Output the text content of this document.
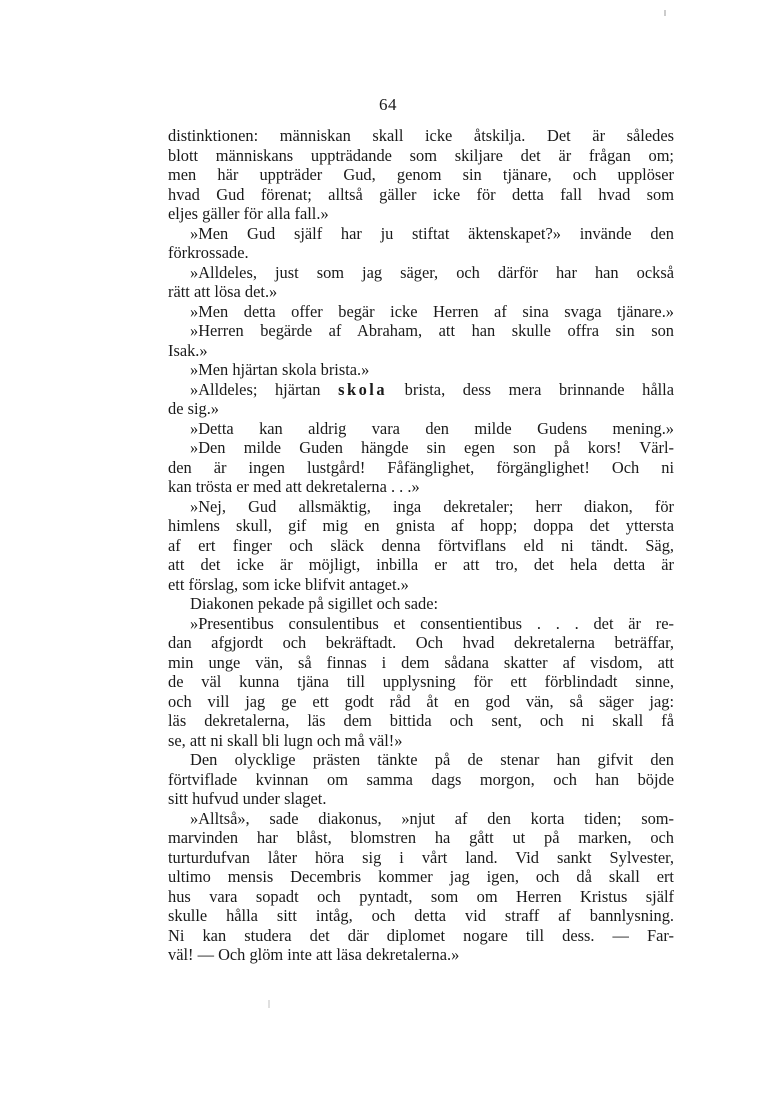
64
distinktionen: människan skall icke åtskilja. Det är således
blott människans uppträdande som skiljare det är frågan om;
men här uppträder Gud, genom sin tjänare, och upplöser
hvad Gud förenat; alltså gäller icke för detta fall hvad som
eljes gäller för alla fall.»
»Men Gud själf har ju stiftat äktenskapet?» invände den
förkrossade.
»Alldeles, just som jag säger, och därför har han också
rätt att lösa det.»
»Men detta offer begär icke Herren af sina svaga tjänare.»
»Herren begärde af Abraham, att han skulle offra sin son
Isak.»
»Men hjärtan skola brista.»
»Alldeles; hjärtan skola brista, dess mera brinnande hålla
de sig.»
»Detta kan aldrig vara den milde Gudens mening.»
»Den milde Guden hängde sin egen son på kors! Värl-
den är ingen lustgård! Fåfänglighet, förgänglighet! Och ni
kan trösta er med att dekretalerna . . .»
»Nej, Gud allsmäktig, inga dekretaler; herr diakon, för
himlens skull, gif mig en gnista af hopp; doppa det yttersta
af ert finger och släck denna förtviflans eld ni tändt. Säg,
att det icke är möjligt, inbilla er att tro, det hela detta är
ett förslag, som icke blifvit antaget.»
Diakonen pekade på sigillet och sade:
»Presentibus consulentibus et consentientibus . . . det är re-
dan afgjordt och bekräftadt. Och hvad dekretalerna beträffar,
min unge vän, så finnas i dem sådana skatter af visdom, att
de väl kunna tjäna till upplysning för ett förblindadt sinne,
och vill jag ge ett godt råd åt en god vän, så säger jag:
läs dekretalerna, läs dem bittida och sent, och ni skall få
se, att ni skall bli lugn och må väl!»
Den olycklige prästen tänkte på de stenar han gifvit den
förtviflade kvinnan om samma dags morgon, och han böjde
sitt hufvud under slaget.
»Alltså», sade diakonus, »njut af den korta tiden; som-
marvinden har blåst, blomstren ha gått ut på marken, och
turturdufvan låter höra sig i vårt land. Vid sankt Sylvester,
ultimo mensis Decembris kommer jag igen, och då skall ert
hus vara sopadt och pyntadt, som om Herren Kristus själf
skulle hålla sitt intåg, och detta vid straff af bannlysning.
Ni kan studera det där diplomet nogare till dess. — Far-
väl! — Och glöm inte att läsa dekretalerna.»
